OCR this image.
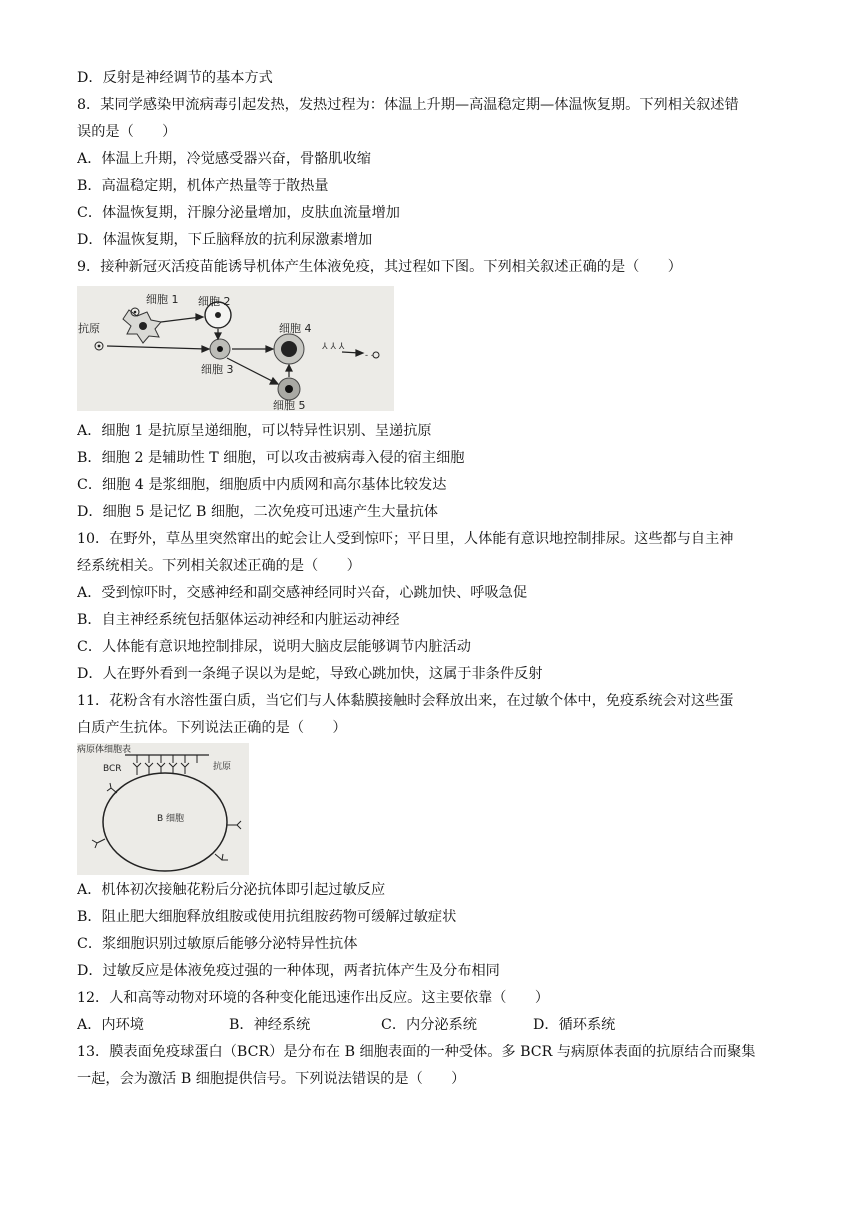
D．反射是神经调节的基本方式
8．某同学感染甲流病毒引起发热，发热过程为：体温上升期—高温稳定期—体温恢复期。下列相关叙述错
误的是（　　）
A．体温上升期，冷觉感受器兴奋，骨骼肌收缩
B．高温稳定期，机体产热量等于散热量
C．体温恢复期，汗腺分泌量增加，皮肤血流量增加
D．体温恢复期，下丘脑释放的抗利尿激素增加
9．接种新冠灭活疫苗能诱导机体产生体液免疫，其过程如下图。下列相关叙述正确的是（　　）
⅄ ⅄ ⅄
- -
细胞 1 细胞 2
抗原	细胞 4
细胞 3
细胞 5
A．细胞 1 是抗原呈递细胞，可以特异性识别、呈递抗原
B．细胞 2 是辅助性 T 细胞，可以攻击被病毒入侵的宿主细胞
C．细胞 4 是浆细胞，细胞质中内质网和高尔基体比较发达
D．细胞 5 是记忆 B 细胞，二次免疫可迅速产生大量抗体
10．在野外，草丛里突然窜出的蛇会让人受到惊吓；平日里，人体能有意识地控制排尿。这些都与自主神
经系统相关。下列相关叙述正确的是（　　）
A．受到惊吓时，交感神经和副交感神经同时兴奋，心跳加快、呼吸急促
B．自主神经系统包括躯体运动神经和内脏运动神经
C．人体能有意识地控制排尿，说明大脑皮层能够调节内脏活动
D．人在野外看到一条绳子误以为是蛇，导致心跳加快，这属于非条件反射
11．花粉含有水溶性蛋白质，当它们与人体黏膜接触时会释放出来，在过敏个体中，免疫系统会对这些蛋
白质产生抗体。下列说法正确的是（　　）
病原体细胞表
BCR	抗原
B 细胞
A．机体初次接触花粉后分泌抗体即引起过敏反应
B．阻止肥大细胞释放组胺或使用抗组胺药物可缓解过敏症状
C．浆细胞识别过敏原后能够分泌特异性抗体
D．过敏反应是体液免疫过强的一种体现，两者抗体产生及分布相同
12．人和高等动物对环境的各种变化能迅速作出反应。这主要依靠（　　）
A．内环境	B．神经系统	C．内分泌系统	D．循环系统
13．膜表面免疫球蛋白（BCR）是分布在 B 细胞表面的一种受体。多 BCR 与病原体表面的抗原结合而聚集
一起，会为激活 B 细胞提供信号。下列说法错误的是（　　）
